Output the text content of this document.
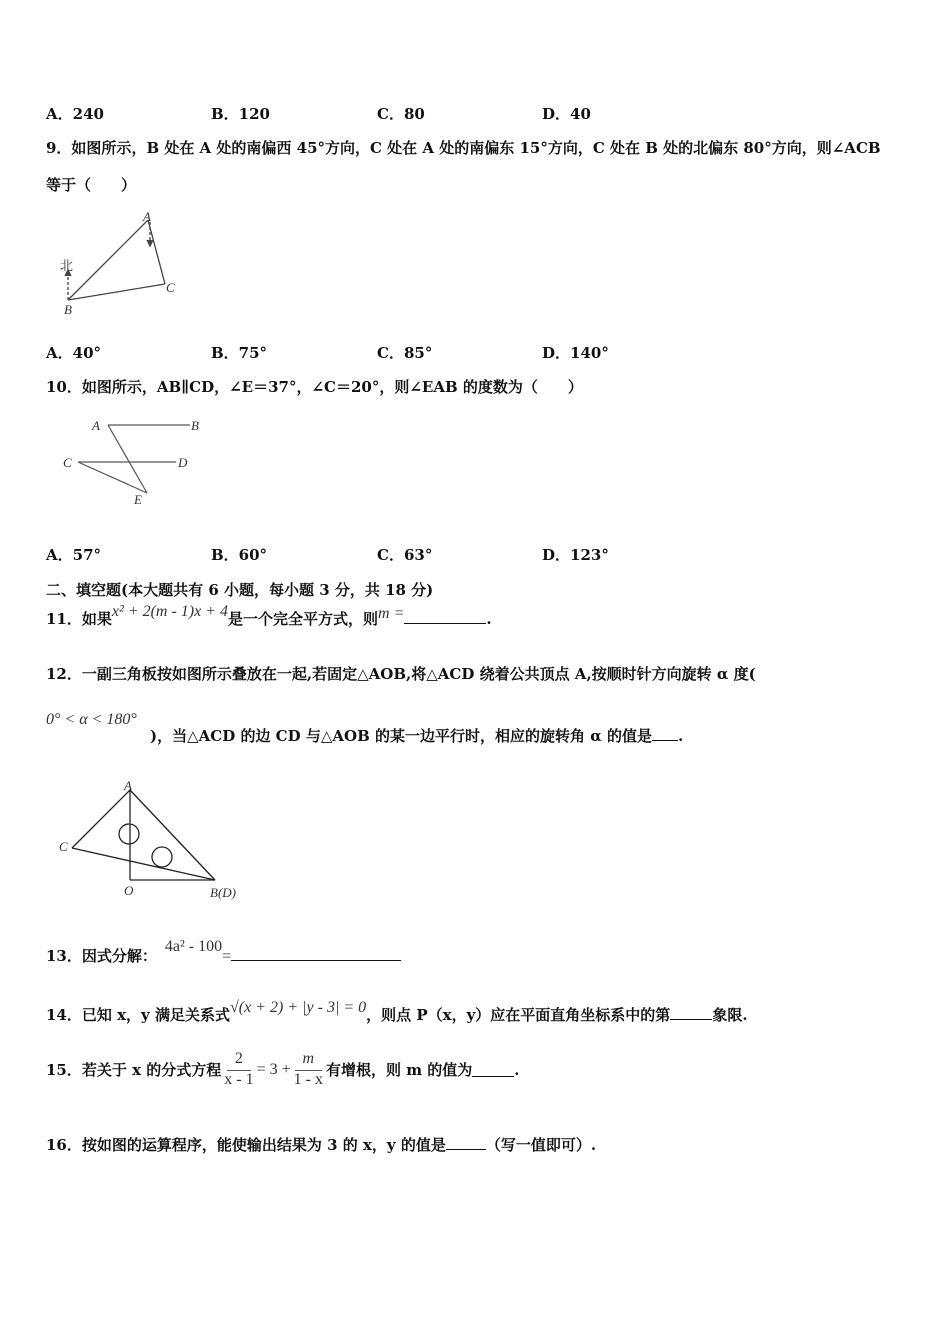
A．240	B．120	C．80	D．40
9．如图所示，B 处在 A 处的南偏西 45°方向，C 处在 A 处的南偏东 15°方向，C 处在 B 处的北偏东 80°方向，则∠ACB
等于（　　）
A
B
C
北
A	B
C	D
E
A
C
O	B(D)
A．40°	B．75°	C．85°	D．140°
10．如图所示，AB∥CD，∠E＝37°，∠C＝20°，则∠EAB 的度数为（　　）
A．57°	B．60°	C．63°	D．123°
二、填空题(本大题共有 6 小题，每小题 3 分，共 18 分)
11．如果x² + 2(m - 1)x + 4是一个完全平方式，则m =	.
12．一副三角板按如图所示叠放在一起,若固定△AOB,将△ACD 绕着公共顶点 A,按顺时针方向旋转 α 度(
0° < α < 180°
)，当△ACD 的边 CD 与△AOB 的某一边平行时，相应的旋转角 α 的值是 .
13．因式分解：4a² - 100=
14．已知 x，y 满足关系式√(x + 2) + |y - 3| = 0，则点 P（x，y）应在平面直角坐标系中的第	象限.
15．若关于 x 的分式方程 $\frac{2}{x - 1} = 3 + \frac{m}{1 - x}$ 有增根，则 m 的值为	.
16．按如图的运算程序，能使输出结果为 3 的 x，y 的值是	（写一值即可）.
